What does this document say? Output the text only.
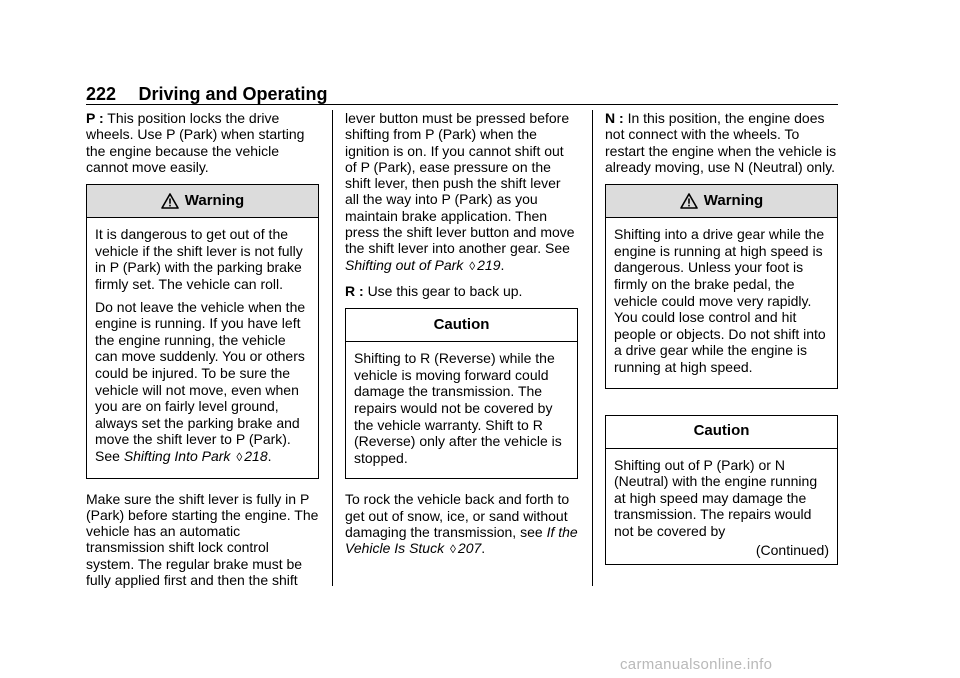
222 Driving and Operating

P : This position locks the drive wheels. Use P (Park) when starting the engine because the vehicle cannot move easily.

Warning

It is dangerous to get out of the vehicle if the shift lever is not fully in P (Park) with the parking brake firmly set. The vehicle can roll.

Do not leave the vehicle when the engine is running. If you have left the engine running, the vehicle can move suddenly. You or others could be injured. To be sure the vehicle will not move, even when you are on fairly level ground, always set the parking brake and move the shift lever to P (Park). See Shifting Into Park ◊ 218.

Make sure the shift lever is fully in P (Park) before starting the engine. The vehicle has an automatic transmission shift lock control system. The regular brake must be fully applied first and then the shift

lever button must be pressed before shifting from P (Park) when the ignition is on. If you cannot shift out of P (Park), ease pressure on the shift lever, then push the shift lever all the way into P (Park) as you maintain brake application. Then press the shift lever button and move the shift lever into another gear. See Shifting out of Park ◊ 219.

R : Use this gear to back up.

Caution

Shifting to R (Reverse) while the vehicle is moving forward could damage the transmission. The repairs would not be covered by the vehicle warranty. Shift to R (Reverse) only after the vehicle is stopped.

To rock the vehicle back and forth to get out of snow, ice, or sand without damaging the transmission, see If the Vehicle Is Stuck ◊ 207.

N : In this position, the engine does not connect with the wheels. To restart the engine when the vehicle is already moving, use N (Neutral) only.

Warning

Shifting into a drive gear while the engine is running at high speed is dangerous. Unless your foot is firmly on the brake pedal, the vehicle could move very rapidly. You could lose control and hit people or objects. Do not shift into a drive gear while the engine is running at high speed.

Caution

Shifting out of P (Park) or N (Neutral) with the engine running at high speed may damage the transmission. The repairs would not be covered by

(Continued)
carmanualsonline.info
